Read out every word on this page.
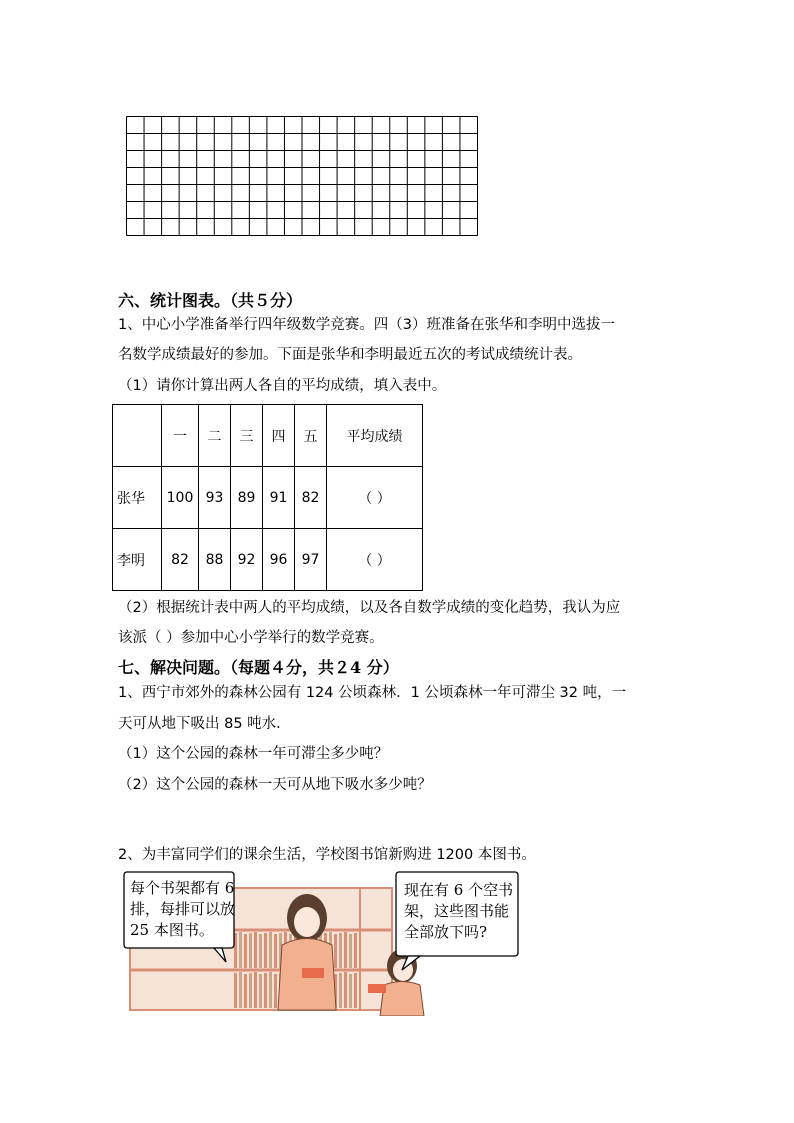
六、统计图表。（共５分）
1、中心小学准备举行四年级数学竞赛。四（3）班准备在张华和李明中选拔一
名数学成绩最好的参加。下面是张华和李明最近五次的考试成绩统计表。
（1）请你计算出两人各自的平均成绩，填入表中。
	一	二	三	四	五	平均成绩
张华	100	93	89	91	82	（ ）
李明	82	88	92	96	97	（ ）
（2）根据统计表中两人的平均成绩，以及各自数学成绩的变化趋势，我认为应
该派（ ）参加中心小学举行的数学竞赛。
七、解决问题。（每题４分，共２4 分）
1、西宁市郊外的森林公园有 124 公顷森林．1 公顷森林一年可滞尘 32 吨，一
天可从地下吸出 85 吨水．
（1）这个公园的森林一年可滞尘多少吨？
（2）这个公园的森林一天可从地下吸水多少吨？
2、为丰富同学们的课余生活，学校图书馆新购进 1200 本图书。
每个书架都有 6
排，每排可以放
25 本图书。
现在有 6 个空书
架，这些图书能
全部放下吗?
